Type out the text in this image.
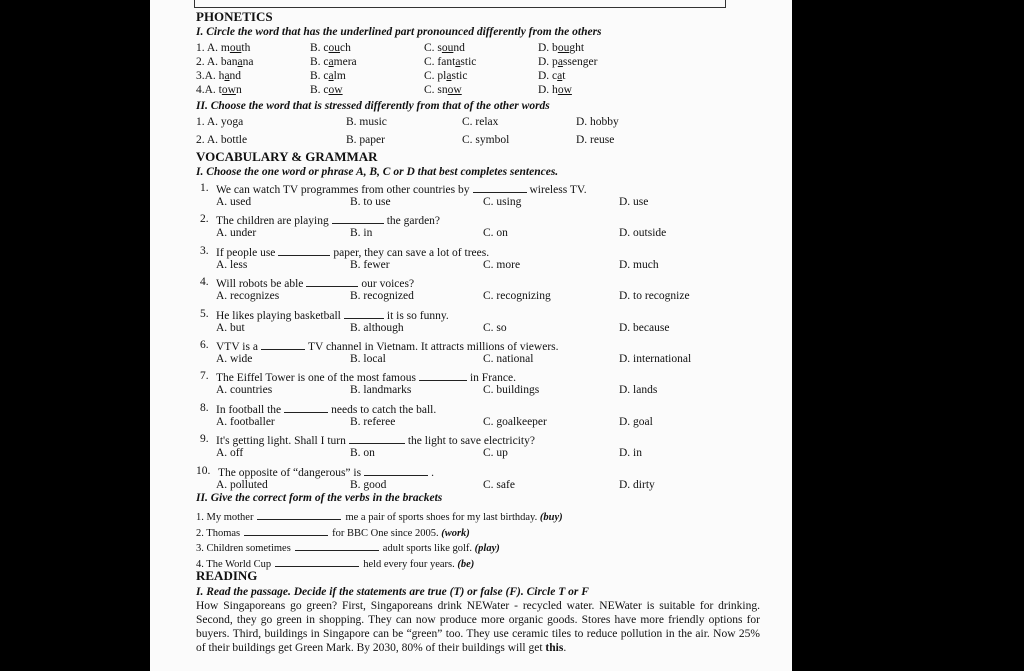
PHONETICS
I. Circle the word that has the underlined part pronounced differently from the others
1. A. mouth	B. couch	C. sound	D. bought
2. A. banana	B. camera	C. fantastic	D. passenger
3.A. hand	B. calm	C. plastic	D. cat
4.A. town	B. cow	C. snow	D. how
II. Choose the word that is stressed differently from that of the other words
1. A. yoga	B. music	C. relax	D. hobby
2. A. bottle	B. paper	C. symbol	D. reuse
VOCABULARY & GRAMMAR
I. Choose the one word or phrase A, B, C or D that best completes sentences.
1. We can watch TV programmes from other countries by	wireless TV.
A. used	B. to use	C. using	D. use
2. The children are playing	the garden?
A. under	B. in	C. on	D. outside
3. If people use	paper, they can save a lot of trees.
A. less	B. fewer	C. more	D. much
4. Will robots be able	our voices?
A. recognizes	B. recognized	C. recognizing	D. to recognize
5. He likes playing basketball	it is so funny.
A. but	B. although	C. so	D. because
6. VTV is a	TV channel in Vietnam. It attracts millions of viewers.
A. wide	B. local	C. national	D. international
7. The Eiffel Tower is one of the most famous	in France.
A. countries	B. landmarks	C. buildings	D. lands
8. In football the	needs to catch the ball.
A. footballer	B. referee	C. goalkeeper	D. goal
9. It's getting light. Shall I turn	the light to save electricity?
A. off	B. on	C. up	D. in
10. The opposite of “dangerous” is	.
A. polluted	B. good	C. safe	D. dirty
II. Give the correct form of the verbs in the brackets
1. My mother	me a pair of sports shoes for my last birthday. (buy)
2. Thomas	for BBC One since 2005. (work)
3. Children sometimes	adult sports like golf. (play)
4. The World Cup	held every four years. (be)
READING
I. Read the passage. Decide if the statements are true (T) or false (F). Circle T or F
How Singaporeans go green? First, Singaporeans drink NEWater - recycled water. NEWater is suitable for drinking. Second, they go green in shopping. They can now produce more organic goods. Stores have more friendly options for buyers. Third, buildings in Singapore can be “green” too. They use ceramic tiles to reduce pollution in the air. Now 25% of their buildings get Green Mark. By 2030, 80% of their buildings will get this.
